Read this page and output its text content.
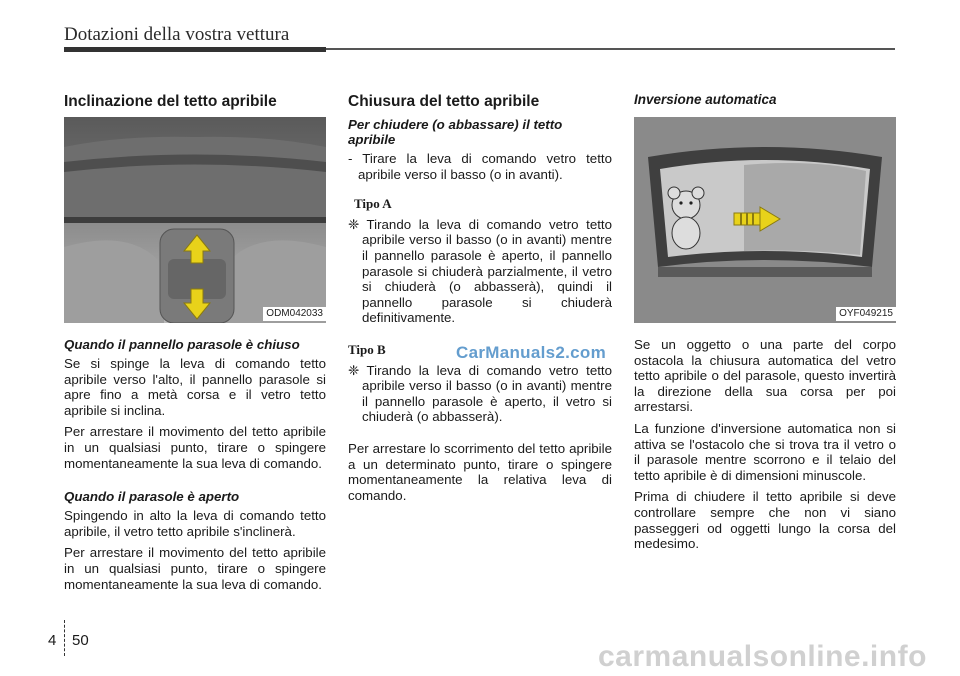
Dotazioni della vostra vettura
Inclinazione del tetto apribile
ODM042033
Quando il pannello parasole è chiuso

Se si spinge la leva di comando tetto apribile verso l'alto, il pannello parasole si apre fino a metà corsa e il vetro tetto apribile si inclina.

Per arrestare il movimento del tetto apribile in un qualsiasi punto, tirare o spingere momentaneamente la sua leva di comando.

Quando il parasole è aperto

Spingendo in alto la leva di comando tetto apribile, il vetro tetto apribile s'inclinerà.

Per arrestare il movimento del tetto apribile in un qualsiasi punto, tirare o spingere momentaneamente la sua leva di comando.

Chiusura del tetto apribile
Per chiudere (o abbassare) il tetto apribile

- Tirare la leva di comando vetro tetto apribile verso il basso (o in avanti).

Tipo A

❈ Tirando la leva di comando vetro tetto apribile verso il basso (o in avanti) mentre il pannello parasole è aperto, il pannello parasole si chiuderà parzialmente, il vetro si chiuderà (o abbasserà), quindi il pannello parasole si chiuderà definitivamente.

Tipo B

❈ Tirando la leva di comando vetro tetto apribile verso il basso (o in avanti) mentre il pannello parasole è aperto, il vetro si chiuderà (o abbasserà).

Per arrestare lo scorrimento del tetto apribile a un determinato punto, tirare o spingere momentaneamente la relativa leva di comando.

Inversione automatica
OYF049215

Se un oggetto o una parte del corpo ostacola la chiusura automatica del vetro tetto apribile o del parasole, questo invertirà la direzione della sua corsa per poi arrestarsi.

La funzione d'inversione automatica non si attiva se l'ostacolo che si trova tra il vetro o il parasole mentre scorrono e il telaio del tetto apribile è di dimensioni minuscole.

Prima di chiudere il tetto apribile si deve controllare sempre che non vi siano passeggeri od oggetti lungo la corsa del medesimo.

CarManuals2.com
4 50	carmanualsonline.info
